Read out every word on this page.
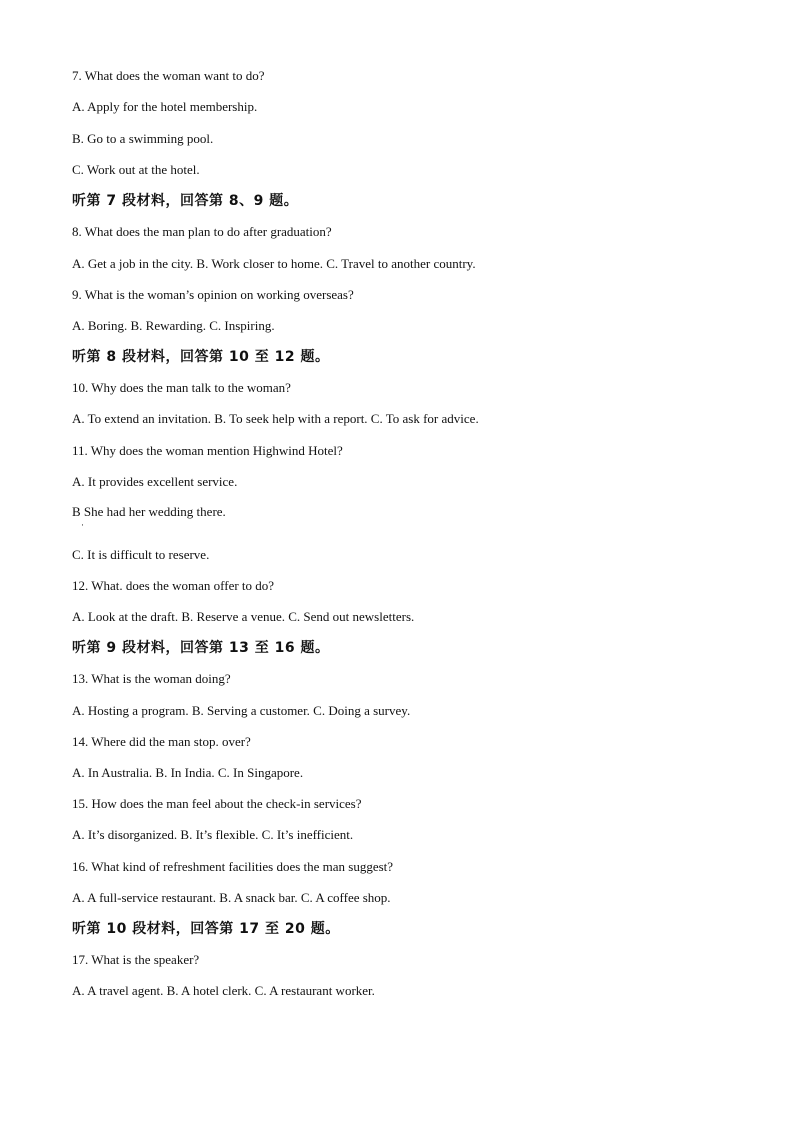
7. What does the woman want to do?
A. Apply for the hotel membership.
B. Go to a swimming pool.
C. Work out at the hotel.
听第 7 段材料，回答第 8、9 题。
8. What does the man plan to do after graduation?
A. Get a job in the city. B. Work closer to home. C. Travel to another country.
9. What is the woman’s opinion on working overseas?
A. Boring. B. Rewarding. C. Inspiring.
听第 8 段材料，回答第 10 至 12 题。
10. Why does the man talk to the woman?
A. To extend an invitation. B. To seek help with a report. C. To ask for advice.
11. Why does the woman mention Highwind Hotel?
A. It provides excellent service.
B She had her wedding there.
·
C. It is difficult to reserve.
12. What. does the woman offer to do?
A. Look at the draft. B. Reserve a venue. C. Send out newsletters.
听第 9 段材料，回答第 13 至 16 题。
13. What is the woman doing?
A. Hosting a program. B. Serving a customer. C. Doing a survey.
14. Where did the man stop. over?
A. In Australia. B. In India. C. In Singapore.
15. How does the man feel about the check-in services?
A. It’s disorganized. B. It’s flexible. C. It’s inefficient.
16. What kind of refreshment facilities does the man suggest?
A. A full-service restaurant. B. A snack bar. C. A coffee shop.
听第 10 段材料，回答第 17 至 20 题。
17. What is the speaker?
A. A travel agent. B. A hotel clerk. C. A restaurant worker.
